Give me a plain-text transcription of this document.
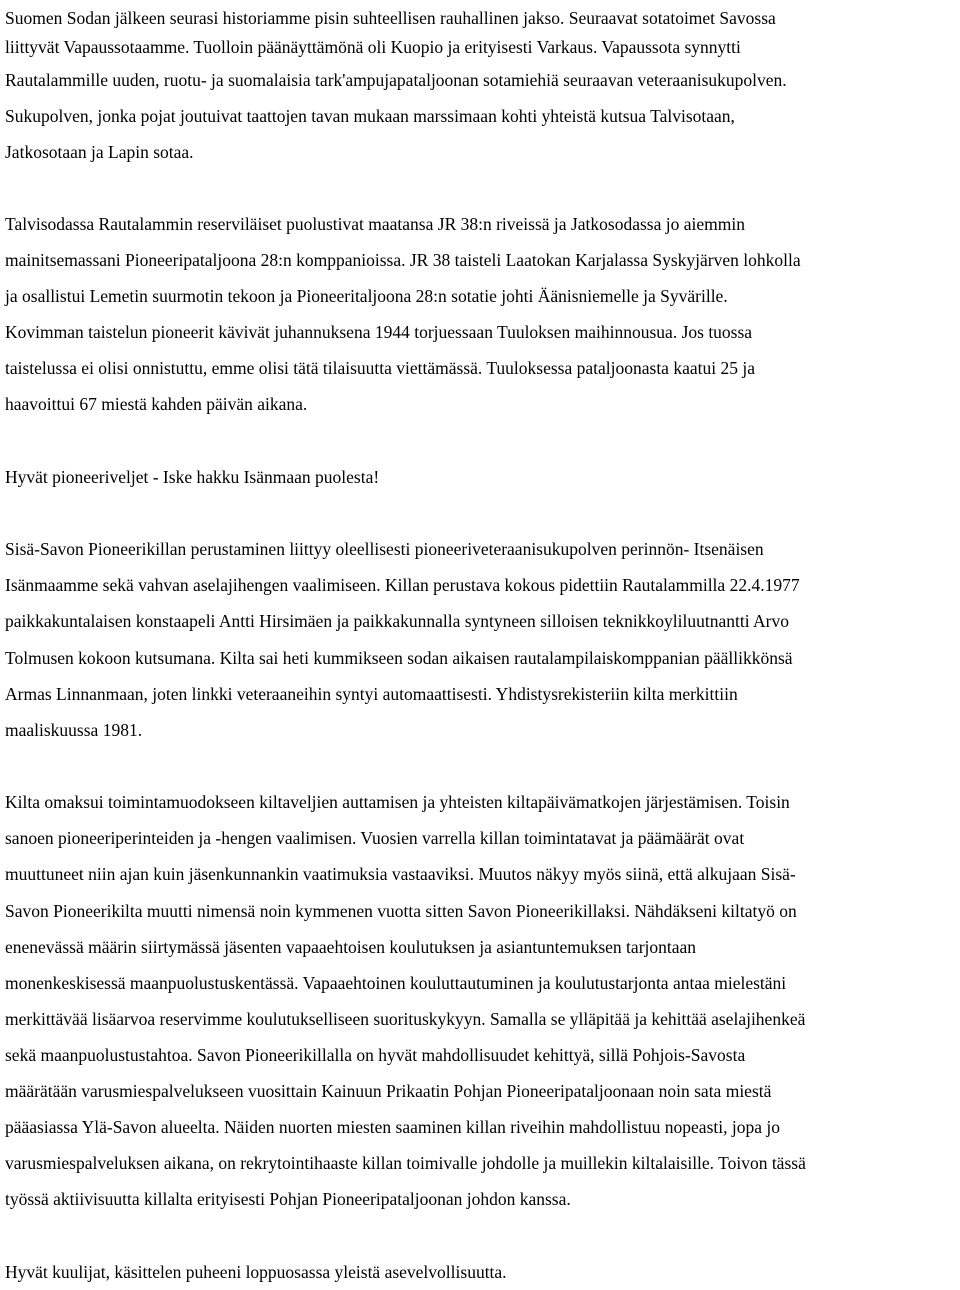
Suomen Sodan jälkeen seurasi historiamme pisin suhteellisen rauhallinen jakso. Seuraavat sotatoimet Savossa
liittyvät Vapaussotaamme. Tuolloin päänäyttämönä oli Kuopio ja erityisesti Varkaus. Vapaussota synnytti
Rautalammille uuden, ruotu- ja suomalaisia tark'ampujapataljoonan sotamiehiä seuraavan veteraanisukupolven.
Sukupolven, jonka pojat joutuivat taattojen tavan mukaan marssimaan kohti yhteistä kutsua Talvisotaan,
Jatkosotaan ja Lapin sotaa.
Talvisodassa Rautalammin reserviläiset puolustivat maatansa JR 38:n riveissä ja Jatkosodassa jo aiemmin
mainitsemassani Pioneeripataljoona 28:n komppanioissa. JR 38 taisteli Laatokan Karjalassa Syskyjärven lohkolla
ja osallistui Lemetin suurmotin tekoon ja Pioneeritaljoona 28:n sotatie johti Äänisniemelle ja Syvärille.
Kovimman taistelun pioneerit kävivät juhannuksena 1944 torjuessaan Tuuloksen maihinnousua. Jos tuossa
taistelussa ei olisi onnistuttu, emme olisi tätä tilaisuutta viettämässä. Tuuloksessa pataljoonasta kaatui 25 ja
haavoittui 67 miestä kahden päivän aikana.
Hyvät pioneeriveljet - Iske hakku Isänmaan puolesta!
Sisä-Savon Pioneerikillan perustaminen liittyy oleellisesti pioneeriveteraanisukupolven perinnön- Itsenäisen
Isänmaamme sekä vahvan aselajihengen vaalimiseen. Killan perustava kokous pidettiin Rautalammilla 22.4.1977
paikkakuntalaisen konstaapeli Antti Hirsimäen ja paikkakunnalla syntyneen silloisen teknikkoyliluutnantti Arvo
Tolmusen kokoon kutsumana. Kilta sai heti kummikseen sodan aikaisen rautalampilaiskomppanian päällikkönsä
Armas Linnanmaan, joten linkki veteraaneihin syntyi automaattisesti. Yhdistysrekisteriin kilta merkittiin
maaliskuussa 1981.
Kilta omaksui toimintamuodokseen kiltaveljien auttamisen ja yhteisten kiltapäivämatkojen järjestämisen. Toisin
sanoen pioneeriperinteiden ja -hengen vaalimisen. Vuosien varrella killan toimintatavat ja päämäärät ovat
muuttuneet niin ajan kuin jäsenkunnankin vaatimuksia vastaaviksi. Muutos näkyy myös siinä, että alkujaan Sisä-
Savon Pioneerikilta muutti nimensä noin kymmenen vuotta sitten Savon Pioneerikillaksi. Nähdäkseni kiltatyö on
enenevässä määrin siirtymässä jäsenten vapaaehtoisen koulutuksen ja asiantuntemuksen tarjontaan
monenkeskisessä maanpuolustuskentässä. Vapaaehtoinen kouluttautuminen ja koulutustarjonta antaa mielestäni
merkittävää lisäarvoa reservimme koulutukselliseen suorituskykyyn. Samalla se ylläpitää ja kehittää aselajihenkeä
sekä maanpuolustustahtoa. Savon Pioneerikillalla on hyvät mahdollisuudet kehittyä, sillä Pohjois-Savosta
määrätään varusmiespalvelukseen vuosittain Kainuun Prikaatin Pohjan Pioneeripataljoonaan noin sata miestä
pääasiassa Ylä-Savon alueelta. Näiden nuorten miesten saaminen killan riveihin mahdollistuu nopeasti, jopa jo
varusmiespalveluksen aikana, on rekrytointihaaste killan toimivalle johdolle ja muillekin kiltalaisille. Toivon tässä
työssä aktiivisuutta killalta erityisesti Pohjan Pioneeripataljoonan johdon kanssa.
Hyvät kuulijat, käsittelen puheeni loppuosassa yleistä asevelvollisuutta.
